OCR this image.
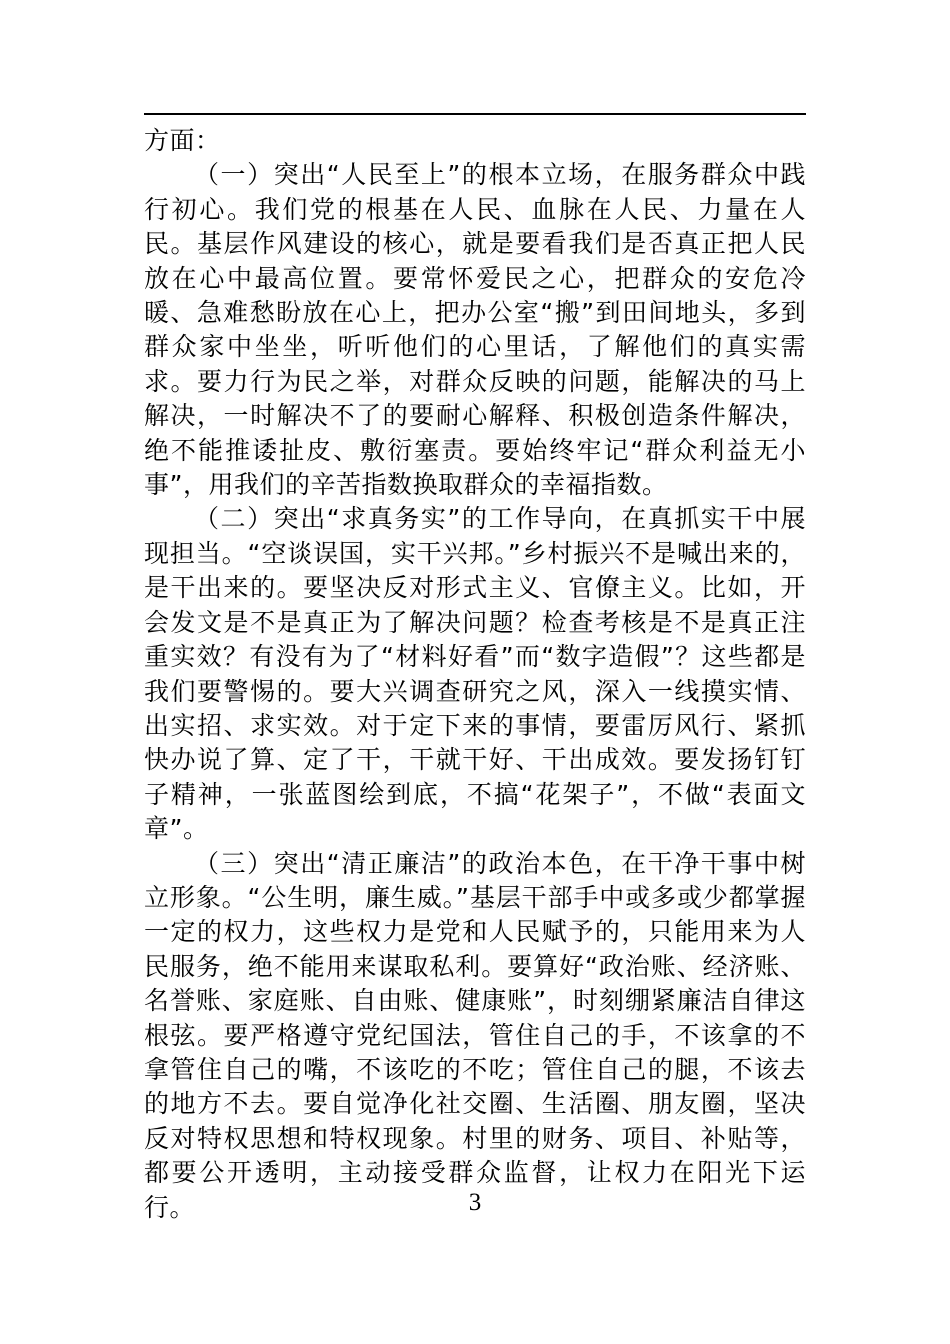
方面：

（一）突出“人民至上”的根本立场，在服务群众中践行初心。我们党的根基在人民、血脉在人民、力量在人民。基层作风建设的核心，就是要看我们是否真正把人民放在心中最高位置。要常怀爱民之心，把群众的安危冷暖、急难愁盼放在心上，把办公室“搬”到田间地头，多到群众家中坐坐，听听他们的心里话，了解他们的真实需求。要力行为民之举，对群众反映的问题，能解决的马上解决，一时解决不了的要耐心解释、积极创造条件解决，绝不能推诿扯皮、敷衍塞责。要始终牢记“群众利益无小事”，用我们的辛苦指数换取群众的幸福指数。

（二）突出“求真务实”的工作导向，在真抓实干中展现担当。“空谈误国，实干兴邦。”乡村振兴不是喊出来的，是干出来的。要坚决反对形式主义、官僚主义。比如，开会发文是不是真正为了解决问题？检查考核是不是真正注重实效？有没有为了“材料好看”而“数字造假”？这些都是我们要警惕的。要大兴调查研究之风，深入一线摸实情、出实招、求实效。对于定下来的事情，要雷厉风行、紧抓快办说了算、定了干，干就干好、干出成效。要发扬钉钉子精神，一张蓝图绘到底，不搞“花架子”，不做“表面文章”。

（三）突出“清正廉洁”的政治本色，在干净干事中树立形象。“公生明，廉生威。”基层干部手中或多或少都掌握一定的权力，这些权力是党和人民赋予的，只能用来为人民服务，绝不能用来谋取私利。要算好“政治账、经济账、名誉账、家庭账、自由账、健康账”，时刻绷紧廉洁自律这根弦。要严格遵守党纪国法，管住自己的手，不该拿的不拿管住自己的嘴，不该吃的不吃；管住自己的腿，不该去的地方不去。要自觉净化社交圈、生活圈、朋友圈，坚决反对特权思想和特权现象。村里的财务、项目、补贴等，都要公开透明，主动接受群众监督，让权力在阳光下运行。	3
